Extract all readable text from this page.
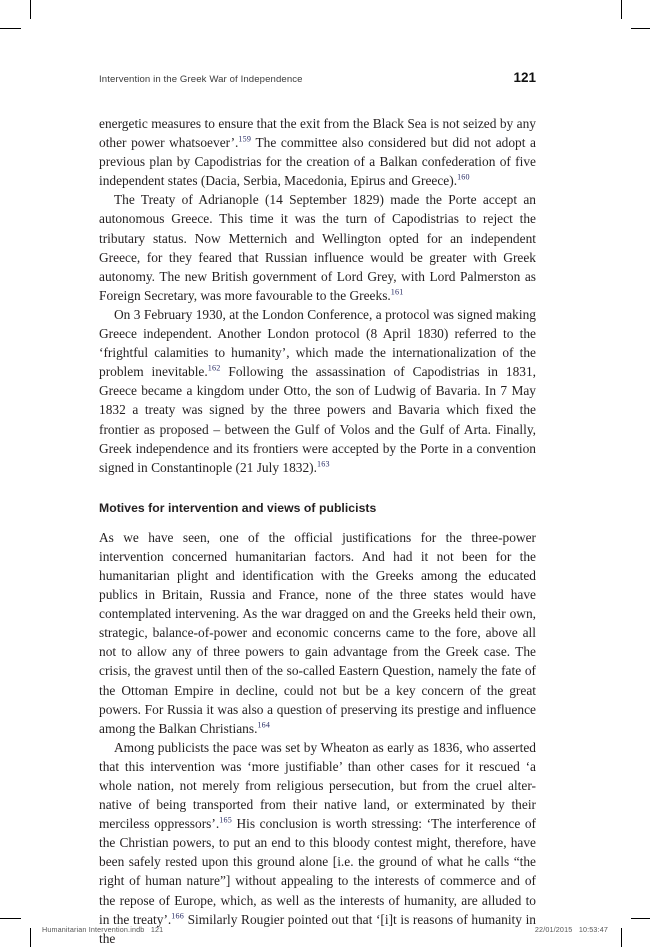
Intervention in the Greek War of Independence	121

energetic measures to ensure that the exit from the Black Sea is not seized by any other power whatsoever’.$^{159}$ The committee also considered but did not adopt a previous plan by Capodistrias for the creation of a Balkan confederation of five independent states (Dacia, Serbia, Macedonia, Epirus and Greece).$^{160}$

The Treaty of Adrianople (14 September 1829) made the Porte accept an autonomous Greece. This time it was the turn of Capodistrias to reject the tributary status. Now Metternich and Wellington opted for an independent Greece, for they feared that Russian influence would be greater with Greek autonomy. The new British government of Lord Grey, with Lord Palmerston as Foreign Secretary, was more favourable to the Greeks.$^{161}$

On 3 February 1930, at the London Conference, a protocol was signed making Greece independent. Another London protocol (8 April 1830) referred to the ‘frightful calamities to humanity’, which made the internationalization of the problem inevitable.$^{162}$ Following the assassination of Capodistrias in 1831, Greece became a kingdom under Otto, the son of Ludwig of Bavaria. In 7 May 1832 a treaty was signed by the three powers and Bavaria which fixed the frontier as proposed – between the Gulf of Volos and the Gulf of Arta. Finally, Greek independence and its frontiers were accepted by the Porte in a convention signed in Constantinople (21 July 1832).$^{163}$

Motives for intervention and views of publicists

As we have seen, one of the official justifications for the three-power intervention concerned humanitarian factors. And had it not been for the humanitarian plight and identification with the Greeks among the educated publics in Britain, Russia and France, none of the three states would have contemplated intervening. As the war dragged on and the Greeks held their own, strategic, balance-of-power and economic concerns came to the fore, above all not to allow any of three powers to gain advantage from the Greek case. The crisis, the gravest until then of the so-called Eastern Question, namely the fate of the Ottoman Empire in decline, could not but be a key concern of the great powers. For Russia it was also a question of preserving its prestige and influence among the Balkan Christians.$^{164}$

Among publicists the pace was set by Wheaton as early as 1836, who asserted that this intervention was ‘more justifiable’ than other cases for it rescued ‘a whole nation, not merely from religious persecution, but from the cruel alter-native of being transported from their native land, or exterminated by their merciless oppressors’.$^{165}$ His conclusion is worth stressing: ‘The interference of the Christian powers, to put an end to this bloody contest might, therefore, have been safely rested upon this ground alone [i.e. the ground of what he calls “the right of human nature”] without appealing to the interests of commerce and of the repose of Europe, which, as well as the interests of humanity, are alluded to in the treaty’.$^{166}$ Similarly Rougier pointed out that ‘[i]t is reasons of humanity in the

Humanitarian Intervention.indb   121	22/01/2015   10:53:47
